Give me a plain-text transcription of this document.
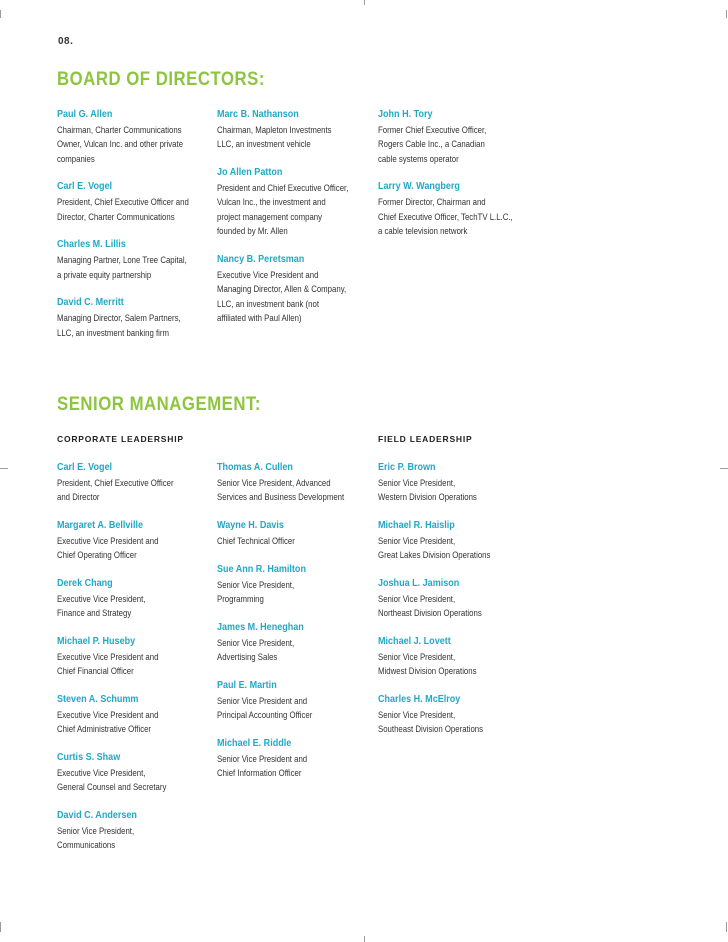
08.
BOARD OF DIRECTORS:
Paul G. Allen
Chairman, Charter Communications
Owner, Vulcan Inc. and other private
companies
Carl E. Vogel
President, Chief Executive Officer and
Director, Charter Communications
Charles M. Lillis
Managing Partner, Lone Tree Capital,
a private equity partnership
David C. Merritt
Managing Director, Salem Partners,
LLC, an investment banking firm
Marc B. Nathanson
Chairman, Mapleton Investments
LLC, an investment vehicle
Jo Allen Patton
President and Chief Executive Officer,
Vulcan Inc., the investment and
project management company
founded by Mr. Allen
Nancy B. Peretsman
Executive Vice President and
Managing Director, Allen & Company,
LLC, an investment bank (not
affiliated with Paul Allen)
John H. Tory
Former Chief Executive Officer,
Rogers Cable Inc., a Canadian
cable systems operator
Larry W. Wangberg
Former Director, Chairman and
Chief Executive Officer, TechTV L.L.C.,
a cable television network
SENIOR MANAGEMENT:
CORPORATE LEADERSHIP	FIELD LEADERSHIP
Carl E. Vogel
President, Chief Executive Officer
and Director
Margaret A. Bellville
Executive Vice President and
Chief Operating Officer
Derek Chang
Executive Vice President,
Finance and Strategy
Michael P. Huseby
Executive Vice President and
Chief Financial Officer
Steven A. Schumm
Executive Vice President and
Chief Administrative Officer
Curtis S. Shaw
Executive Vice President,
General Counsel and Secretary
David C. Andersen
Senior Vice President,
Communications
Thomas A. Cullen
Senior Vice President, Advanced
Services and Business Development
Wayne H. Davis
Chief Technical Officer
Sue Ann R. Hamilton
Senior Vice President,
Programming
James M. Heneghan
Senior Vice President,
Advertising Sales
Paul E. Martin
Senior Vice President and
Principal Accounting Officer
Michael E. Riddle
Senior Vice President and
Chief Information Officer
Eric P. Brown
Senior Vice President,
Western Division Operations
Michael R. Haislip
Senior Vice President,
Great Lakes Division Operations
Joshua L. Jamison
Senior Vice President,
Northeast Division Operations
Michael J. Lovett
Senior Vice President,
Midwest Division Operations
Charles H. McElroy
Senior Vice President,
Southeast Division Operations
